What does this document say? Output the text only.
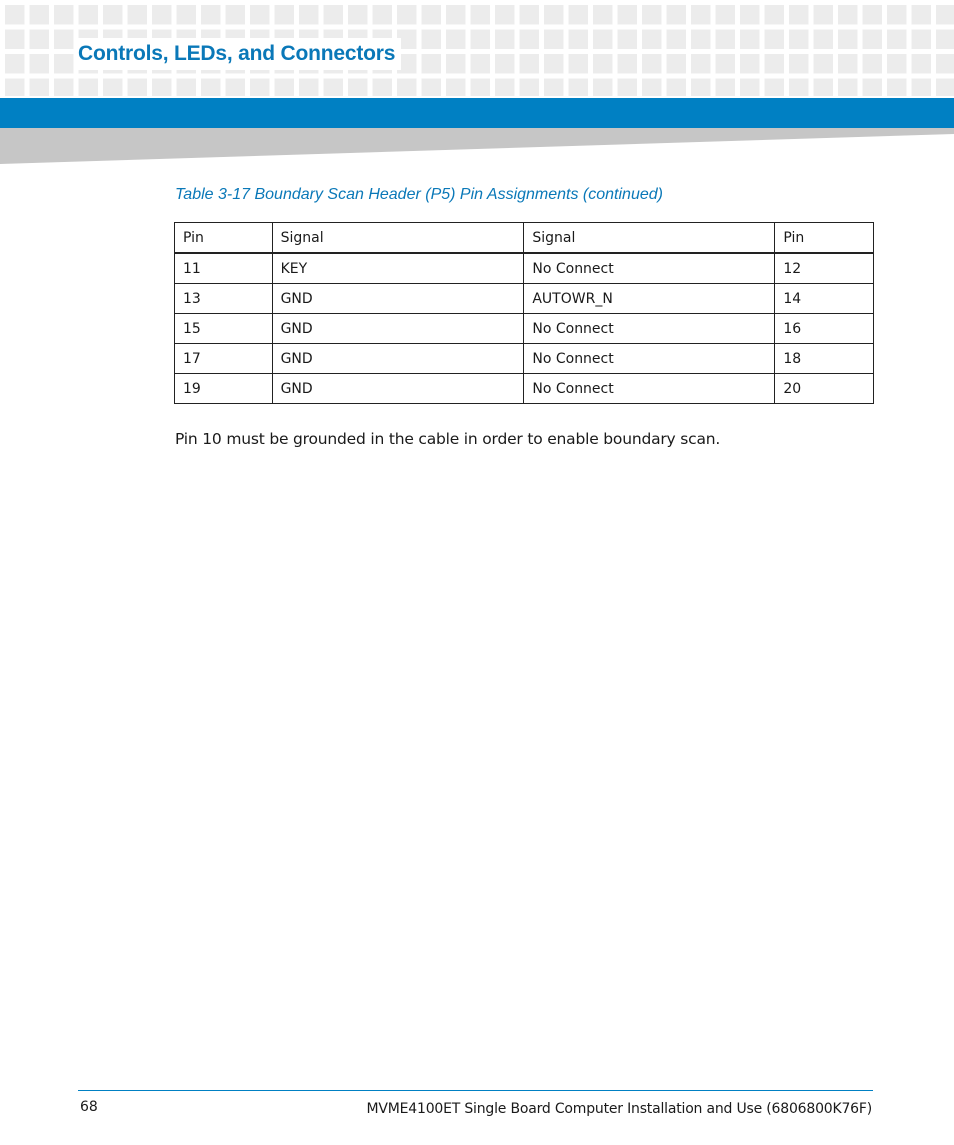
Controls, LEDs, and Connectors

Table 3-17 Boundary Scan Header (P5) Pin Assignments (continued)

Pin	Signal	Signal	Pin
11	KEY	No Connect	12
13	GND	AUTOWR_N	14
15	GND	No Connect	16
17	GND	No Connect	18
19	GND	No Connect	20

Pin 10 must be grounded in the cable in order to enable boundary scan.

68	MVME4100ET Single Board Computer Installation and Use (6806800K76F)
